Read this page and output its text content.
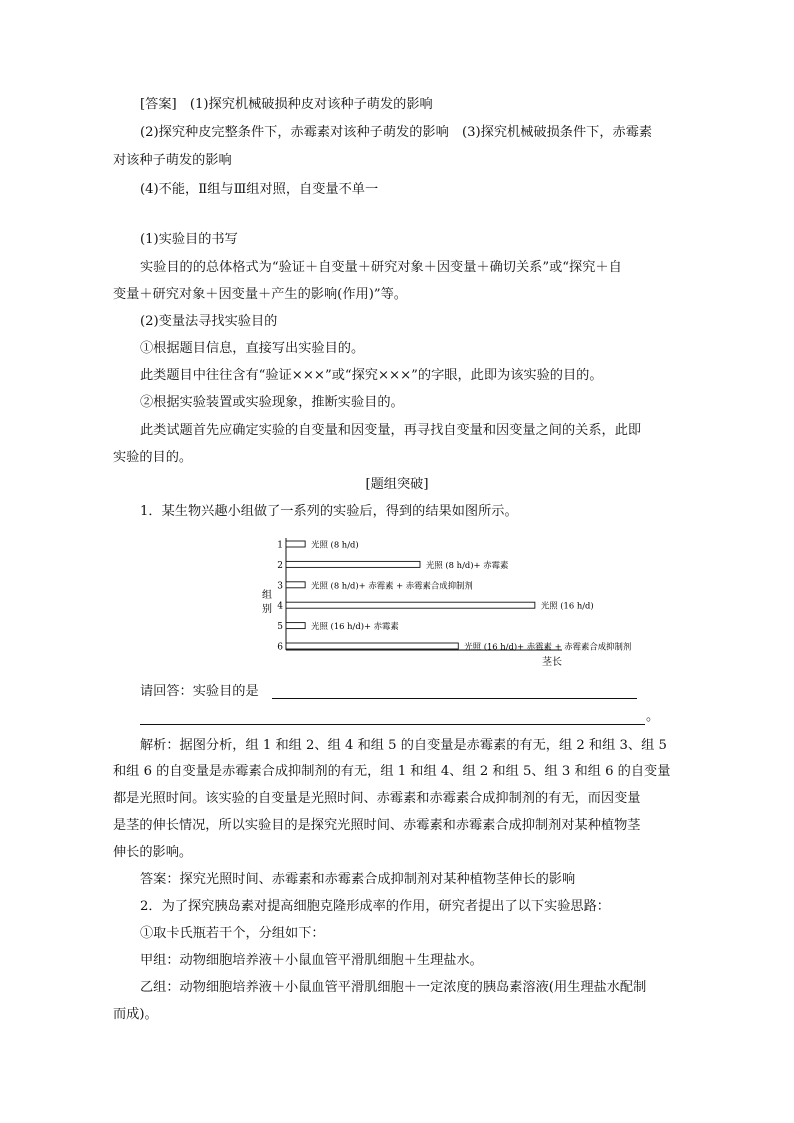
[答案]　(1)探究机械破损种皮对该种子萌发的影响
(2)探究种皮完整条件下，赤霉素对该种子萌发的影响　(3)探究机械破损条件下，赤霉素
对该种子萌发的影响
(4)不能，Ⅱ组与Ⅲ组对照，自变量不单一
(1)实验目的书写
实验目的的总体格式为“验证＋自变量＋研究对象＋因变量＋确切关系”或“探究＋自
变量＋研究对象＋因变量＋产生的影响(作用)”等。
(2)变量法寻找实验目的
①根据题目信息，直接写出实验目的。
此类题目中往往含有“验证×××”或“探究×××”的字眼，此即为该实验的目的。
②根据实验装置或实验现象，推断实验目的。
此类试题首先应确定实验的自变量和因变量，再寻找自变量和因变量之间的关系，此即
实验的目的。
[题组突破]
1．某生物兴趣小组做了一系列的实验后，得到的结果如图所示。
组别
茎长
1	光照 (8 h/d)
2	光照 (8 h/d)+ 赤霉素
3	光照 (8 h/d)+ 赤霉素 + 赤霉素合成抑制剂
4	光照 (16 h/d)
5	光照 (16 h/d)+ 赤霉素
6	光照 (16 h/d)+ 赤霉素 + 赤霉素合成抑制剂
请回答：实验目的是
。
解析：据图分析，组 1 和组 2、组 4 和组 5 的自变量是赤霉素的有无，组 2 和组 3、组 5
和组 6 的自变量是赤霉素合成抑制剂的有无，组 1 和组 4、组 2 和组 5、组 3 和组 6 的自变量
都是光照时间。该实验的自变量是光照时间、赤霉素和赤霉素合成抑制剂的有无，而因变量
是茎的伸长情况，所以实验目的是探究光照时间、赤霉素和赤霉素合成抑制剂对某种植物茎
伸长的影响。
答案：探究光照时间、赤霉素和赤霉素合成抑制剂对某种植物茎伸长的影响
2．为了探究胰岛素对提高细胞克隆形成率的作用，研究者提出了以下实验思路：
①取卡氏瓶若干个，分组如下：
甲组：动物细胞培养液＋小鼠血管平滑肌细胞＋生理盐水。
乙组：动物细胞培养液＋小鼠血管平滑肌细胞＋一定浓度的胰岛素溶液(用生理盐水配制
而成)。
